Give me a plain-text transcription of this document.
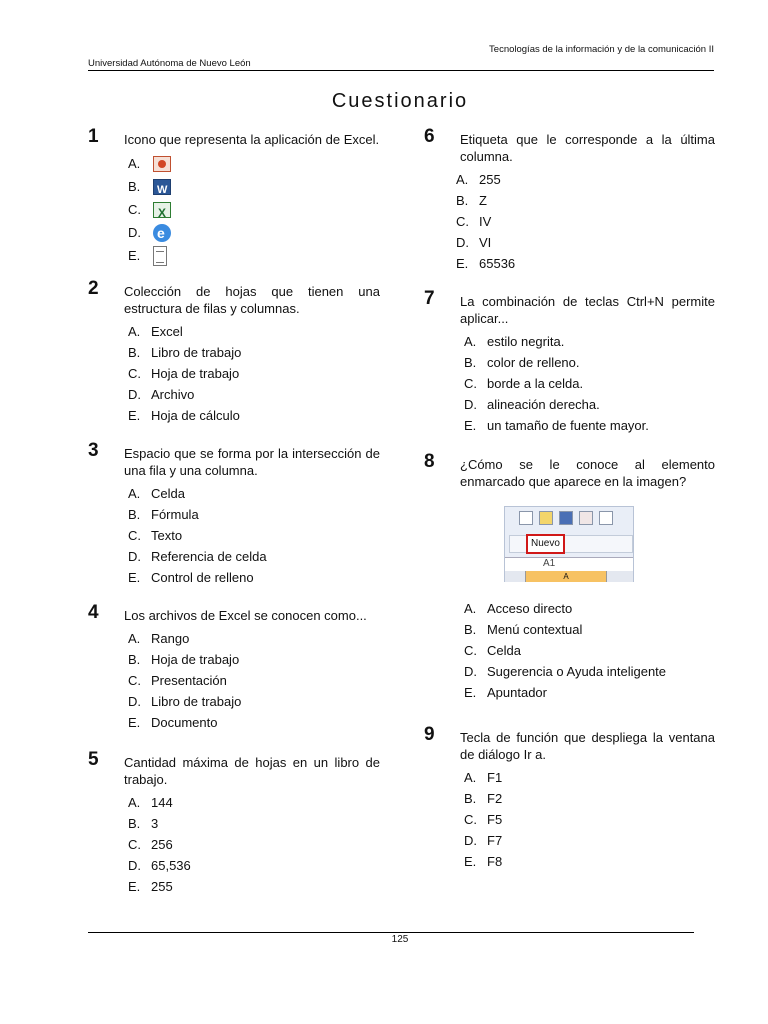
Tecnologías de la información y de la comunicación II
Universidad Autónoma de Nuevo León
Cuestionario
1 Icono que representa la aplicación de Excel.
A.
B.
W
C.
X
D.
e
E.
2 Colección de hojas que tienen una estructura de filas y columnas.
A. Excel
B. Libro de trabajo
C. Hoja de trabajo
D. Archivo
E. Hoja de cálculo
3 Espacio que se forma por la intersección de una fila y una columna.
A. Celda
B. Fórmula
C. Texto
D. Referencia de celda
E. Control de relleno
4 Los archivos de Excel se conocen como...
A. Rango
B. Hoja de trabajo
C. Presentación
D. Libro de trabajo
E. Documento
5 Cantidad máxima de hojas en un libro de trabajo.
A. 144
B. 3
C. 256
D. 65,536
E. 255
6 Etiqueta que le corresponde a la última columna.
A. 255
B. Z
C. IV
D. VI
E. 65536
7 La combinación de teclas Ctrl+N permite aplicar...
A. estilo negrita.
B. color de relleno.
C. borde a la celda.
D. alineación derecha.
E. un tamaño de fuente mayor.
8 ¿Cómo se le conoce al elemento enmarcado que aparece en la imagen?
A. Acceso directo
B. Menú contextual
C. Celda
D. Sugerencia o Ayuda inteligente
E. Apuntador
Nuevo
A1
A
9 Tecla de función que despliega la ventana de diálogo Ir a.
A. F1
B. F2
C. F5
D. F7
E. F8
125
